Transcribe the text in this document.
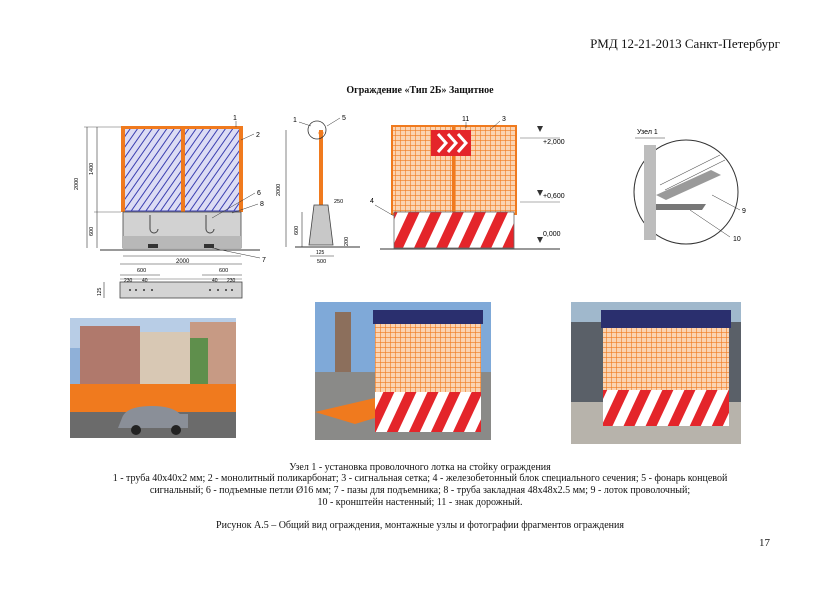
РМД 12-21-2013 Санкт-Петербург
Ограждение «Тип 2Б» Защитное
2000
1400
600
2000
1
2
6
8
7
2000
600
250
200
125
500
1	5	11	3
4
+2,000
+0,600
0,000
600	600
230 40	40 230
125
Узел 1
9
10
Узел 1 - установка проволочного лотка на стойку ограждения
1 - труба 40х40х2 мм; 2 - монолитный поликарбонат; 3 - сигнальная сетка; 4 - железобетонный блок специального сечения; 5 - фонарь концевой
сигнальный; 6 - подъемные петли Ø16 мм; 7 - пазы для подъемника; 8 - труба закладная 48х48х2.5 мм; 9 - лоток проволочный;
10 - кронштейн настенный; 11 - знак дорожный.
Рисунок А.5 – Общий вид ограждения, монтажные узлы и фотографии фрагментов ограждения
17
